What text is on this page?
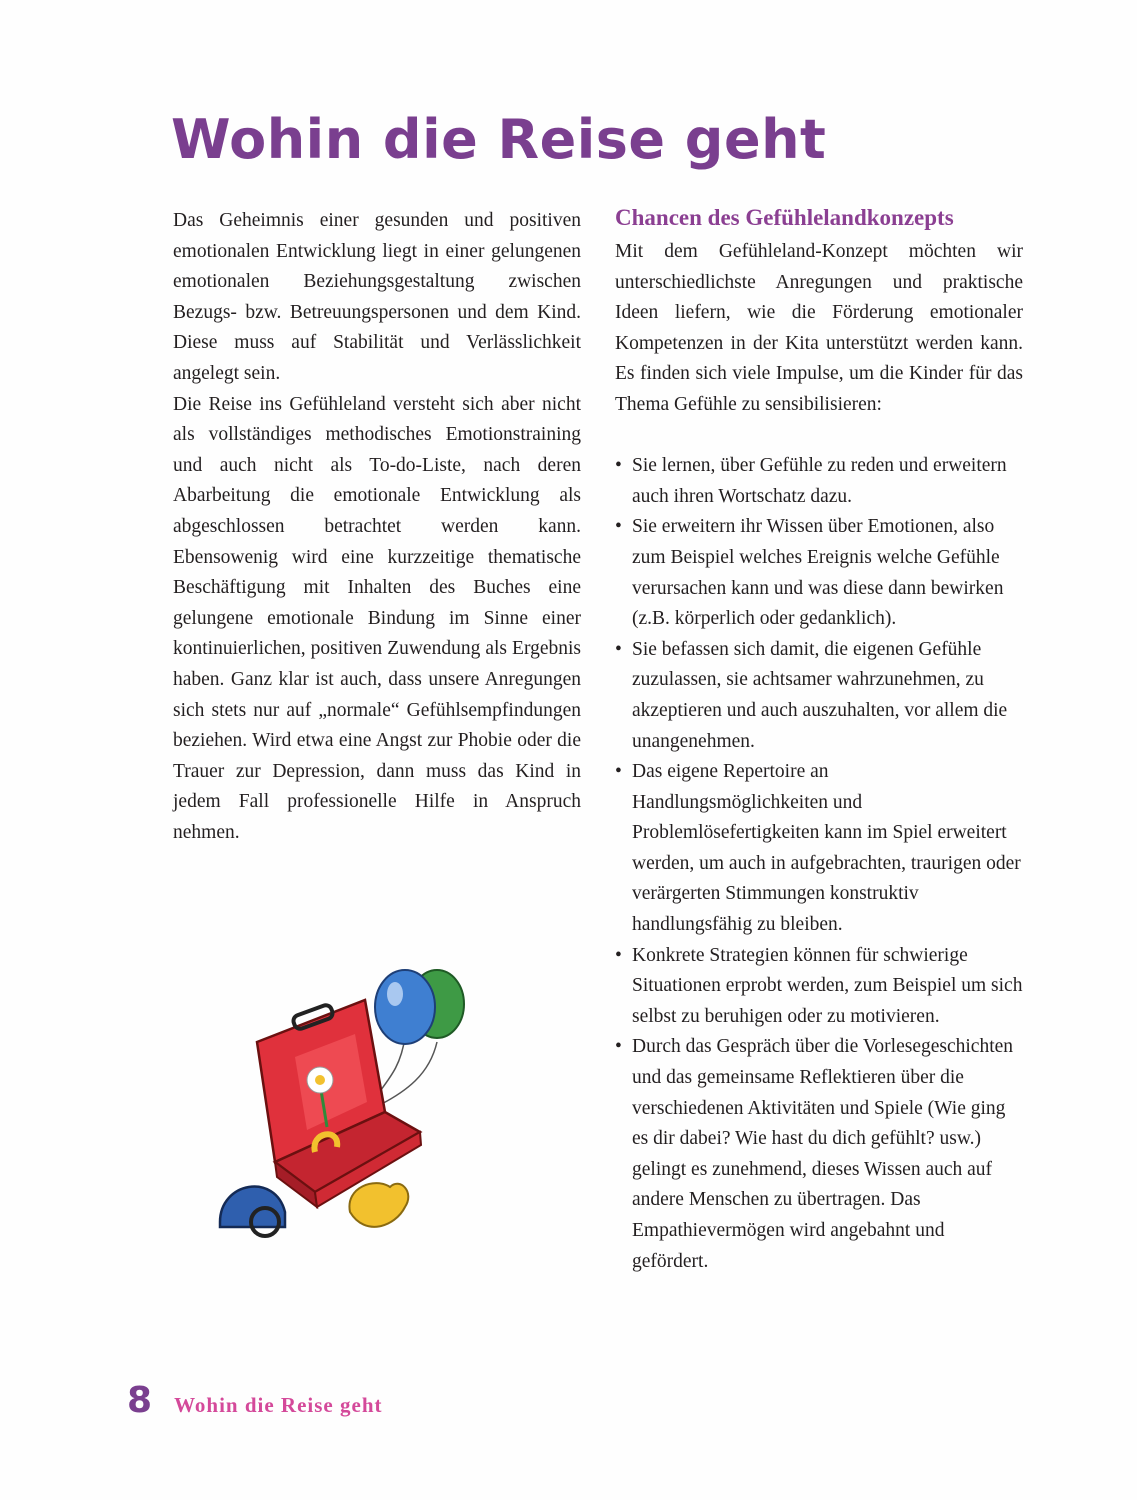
Wohin die Reise geht

Das Geheimnis einer gesunden und positiven emotionalen Entwicklung liegt in einer gelungenen emotionalen Beziehungsgestaltung zwischen Bezugs- bzw. Betreuungspersonen und dem Kind. Diese muss auf Stabilität und Verlässlichkeit angelegt sein.

Die Reise ins Gefühleland versteht sich aber nicht als vollständiges methodisches Emotionstraining und auch nicht als To-do-Liste, nach deren Abarbeitung die emotionale Entwicklung als abgeschlossen betrachtet werden kann. Ebensowenig wird eine kurzzeitige thematische Beschäftigung mit Inhalten des Buches eine gelungene emotionale Bindung im Sinne einer kontinuierlichen, positiven Zuwendung als Ergebnis haben. Ganz klar ist auch, dass unsere Anregungen sich stets nur auf „normale“ Gefühlsempfindungen beziehen. Wird etwa eine Angst zur Phobie oder die Trauer zur Depression, dann muss das Kind in jedem Fall professionelle Hilfe in Anspruch nehmen.

Chancen des Gefühlelandkonzepts

Mit dem Gefühleland-Konzept möchten wir unterschiedlichste Anregungen und praktische Ideen liefern, wie die Förderung emotionaler Kompetenzen in der Kita unterstützt werden kann. Es finden sich viele Impulse, um die Kinder für das Thema Gefühle zu sensibilisieren:

• Sie lernen, über Gefühle zu reden und erweitern auch ihren Wortschatz dazu.
• Sie erweitern ihr Wissen über Emotionen, also zum Beispiel welches Ereignis welche Gefühle verursachen kann und was diese dann bewirken (z.B. körperlich oder gedanklich).
• Sie befassen sich damit, die eigenen Gefühle zuzulassen, sie achtsamer wahrzunehmen, zu akzeptieren und auch auszuhalten, vor allem die unangenehmen.
• Das eigene Repertoire an Handlungsmöglichkeiten und Problemlösefertigkeiten kann im Spiel erweitert werden, um auch in aufgebrachten, traurigen oder verärgerten Stimmungen konstruktiv handlungsfähig zu bleiben.
• Konkrete Strategien können für schwierige Situationen erprobt werden, zum Beispiel um sich selbst zu beruhigen oder zu motivieren.
• Durch das Gespräch über die Vorlesegeschichten und das gemeinsame Reflektieren über die verschiedenen Aktivitäten und Spiele (Wie ging es dir dabei? Wie hast du dich gefühlt? usw.) gelingt es zunehmend, dieses Wissen auch auf andere Menschen zu übertragen. Das Empathievermögen wird angebahnt und gefördert.
8 Wohin die Reise geht
